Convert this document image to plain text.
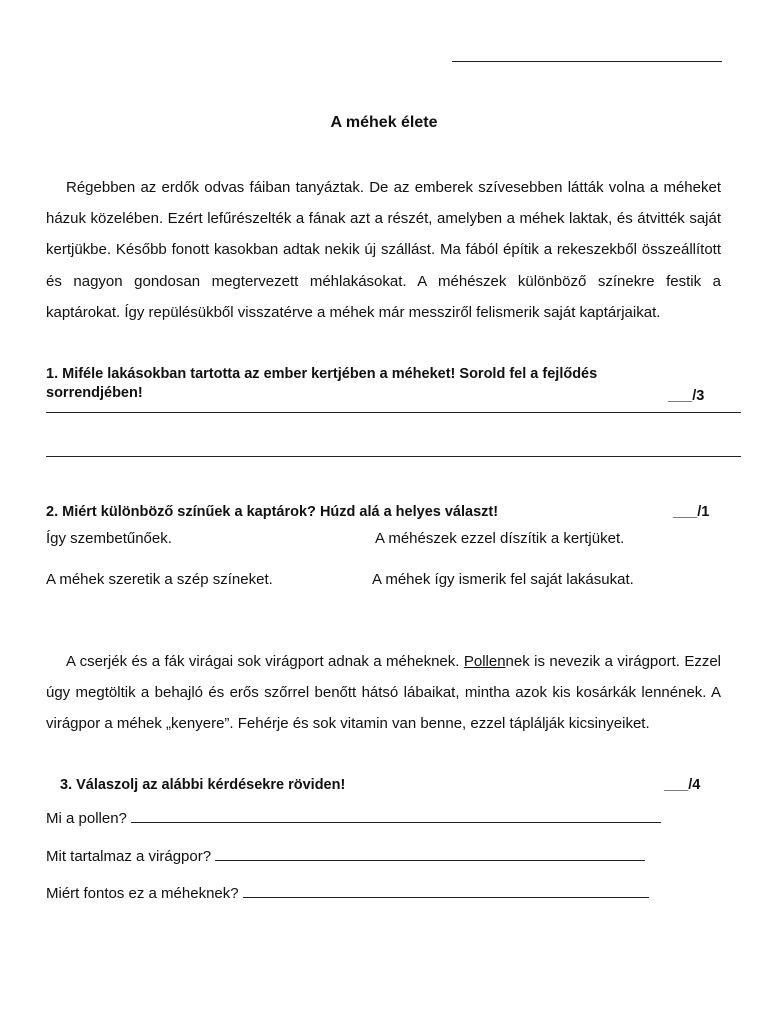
A méhek élete

Régebben az erdők odvas fáiban tanyáztak. De az emberek szívesebben látták volna a méheket házuk közelében. Ezért lefűrészelték a fának azt a részét, amelyben a méhek laktak, és átvitték saját kertjükbe. Később fonott kasokban adtak nekik új szállást. Ma fából építik a rekeszekből összeállított és nagyon gondosan megtervezett méhlakásokat. A méhészek különböző színekre festik a kaptárokat. Így repülésükből visszatérve a méhek már messziről felismerik saját kaptárjaikat.

1. Miféle lakásokban tartotta az ember kertjében a méheket! Sorold fel a fejlődés
sorrendjében!	___/3
2. Miért különböző színűek a kaptárok? Húzd alá a helyes választ!	___/1
Így szembetűnőek.	A méhészek ezzel díszítik a kertjüket.
A méhek szeretik a szép színeket.	A méhek így ismerik fel saját lakásukat.

A cserjék és a fák virágai sok virágport adnak a méheknek. Pollennek is nevezik a virágport. Ezzel úgy megtöltik a behajló és erős szőrrel benőtt hátsó lábaikat, mintha azok kis kosárkák lennének. A virágpor a méhek „kenyere”. Fehérje és sok vitamin van benne, ezzel táplálják kicsinyeiket.

3. Válaszolj az alábbi kérdésekre röviden!	___/4
Mi a pollen?
Mit tartalmaz a virágpor?
Miért fontos ez a méheknek?
